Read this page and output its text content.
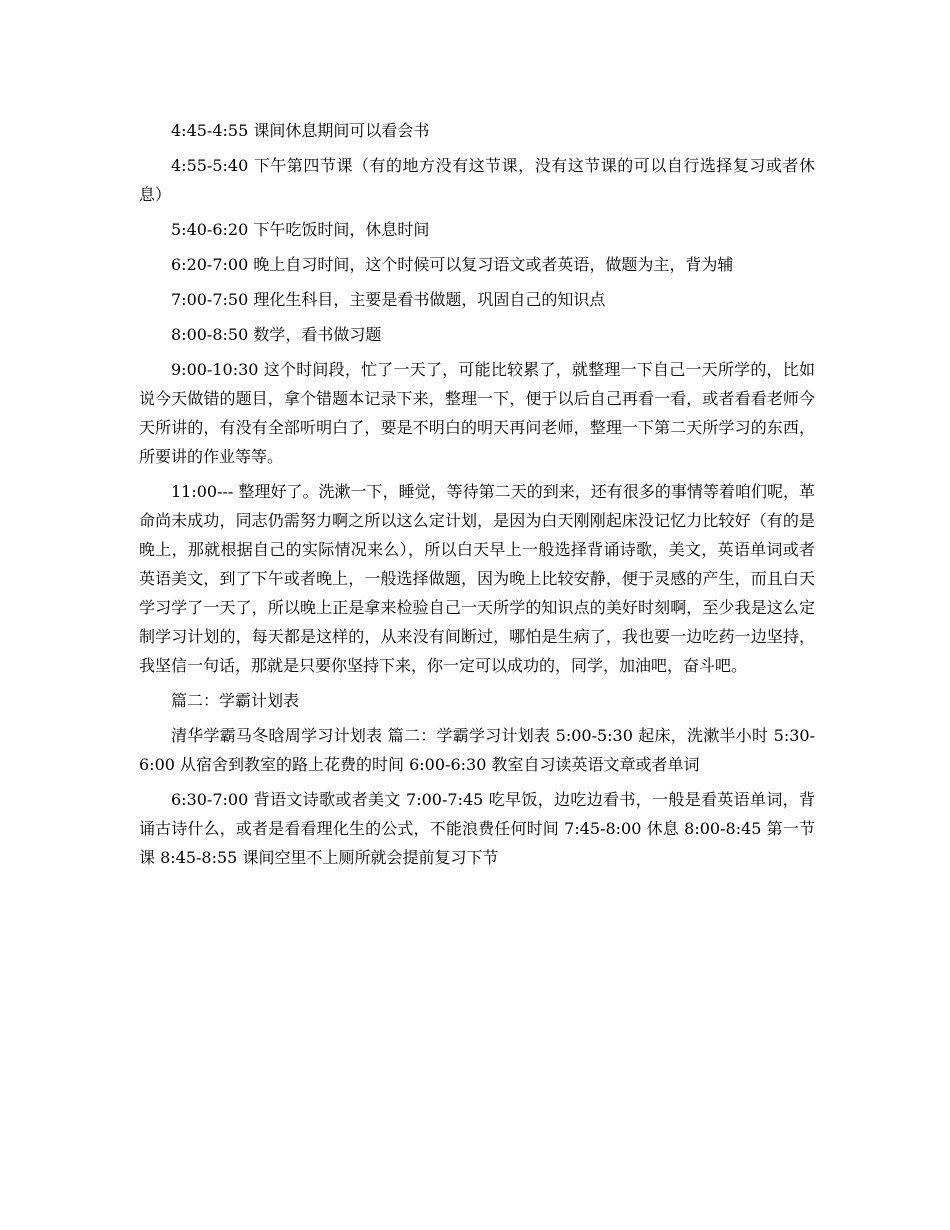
4:45-4:55 课间休息期间可以看会书

4:55-5:40 下午第四节课（有的地方没有这节课，没有这节课的可以自行选择复习或者休息）

5:40-6:20 下午吃饭时间，休息时间

6:20-7:00 晚上自习时间，这个时候可以复习语文或者英语，做题为主，背为辅

7:00-7:50 理化生科目，主要是看书做题，巩固自己的知识点

8:00-8:50 数学，看书做习题

9:00-10:30 这个时间段，忙了一天了，可能比较累了，就整理一下自己一天所学的，比如说今天做错的题目，拿个错题本记录下来，整理一下，便于以后自己再看一看，或者看看老师今天所讲的，有没有全部听明白了，要是不明白的明天再问老师，整理一下第二天所学习的东西，所要讲的作业等等。

11:00--- 整理好了。洗漱一下，睡觉，等待第二天的到来，还有很多的事情等着咱们呢，革命尚未成功，同志仍需努力啊之所以这么定计划，是因为白天刚刚起床没记忆力比较好（有的是晚上，那就根据自己的实际情况来么），所以白天早上一般选择背诵诗歌，美文，英语单词或者英语美文，到了下午或者晚上，一般选择做题，因为晚上比较安静，便于灵感的产生，而且白天学习学了一天了，所以晚上正是拿来检验自己一天所学的知识点的美好时刻啊，至少我是这么定制学习计划的，每天都是这样的，从来没有间断过，哪怕是生病了，我也要一边吃药一边坚持，我坚信一句话，那就是只要你坚持下来，你一定可以成功的，同学，加油吧，奋斗吧。

篇二：学霸计划表

清华学霸马冬晗周学习计划表 篇二：学霸学习计划表 5:00-5:30 起床，洗漱半小时 5:30-6:00 从宿舍到教室的路上花费的时间 6:00-6:30 教室自习读英语文章或者单词

6:30-7:00 背语文诗歌或者美文 7:00-7:45 吃早饭，边吃边看书，一般是看英语单词，背诵古诗什么，或者是看看理化生的公式，不能浪费任何时间 7:45-8:00 休息 8:00-8:45 第一节课 8:45-8:55 课间空里不上厕所就会提前复习下节
